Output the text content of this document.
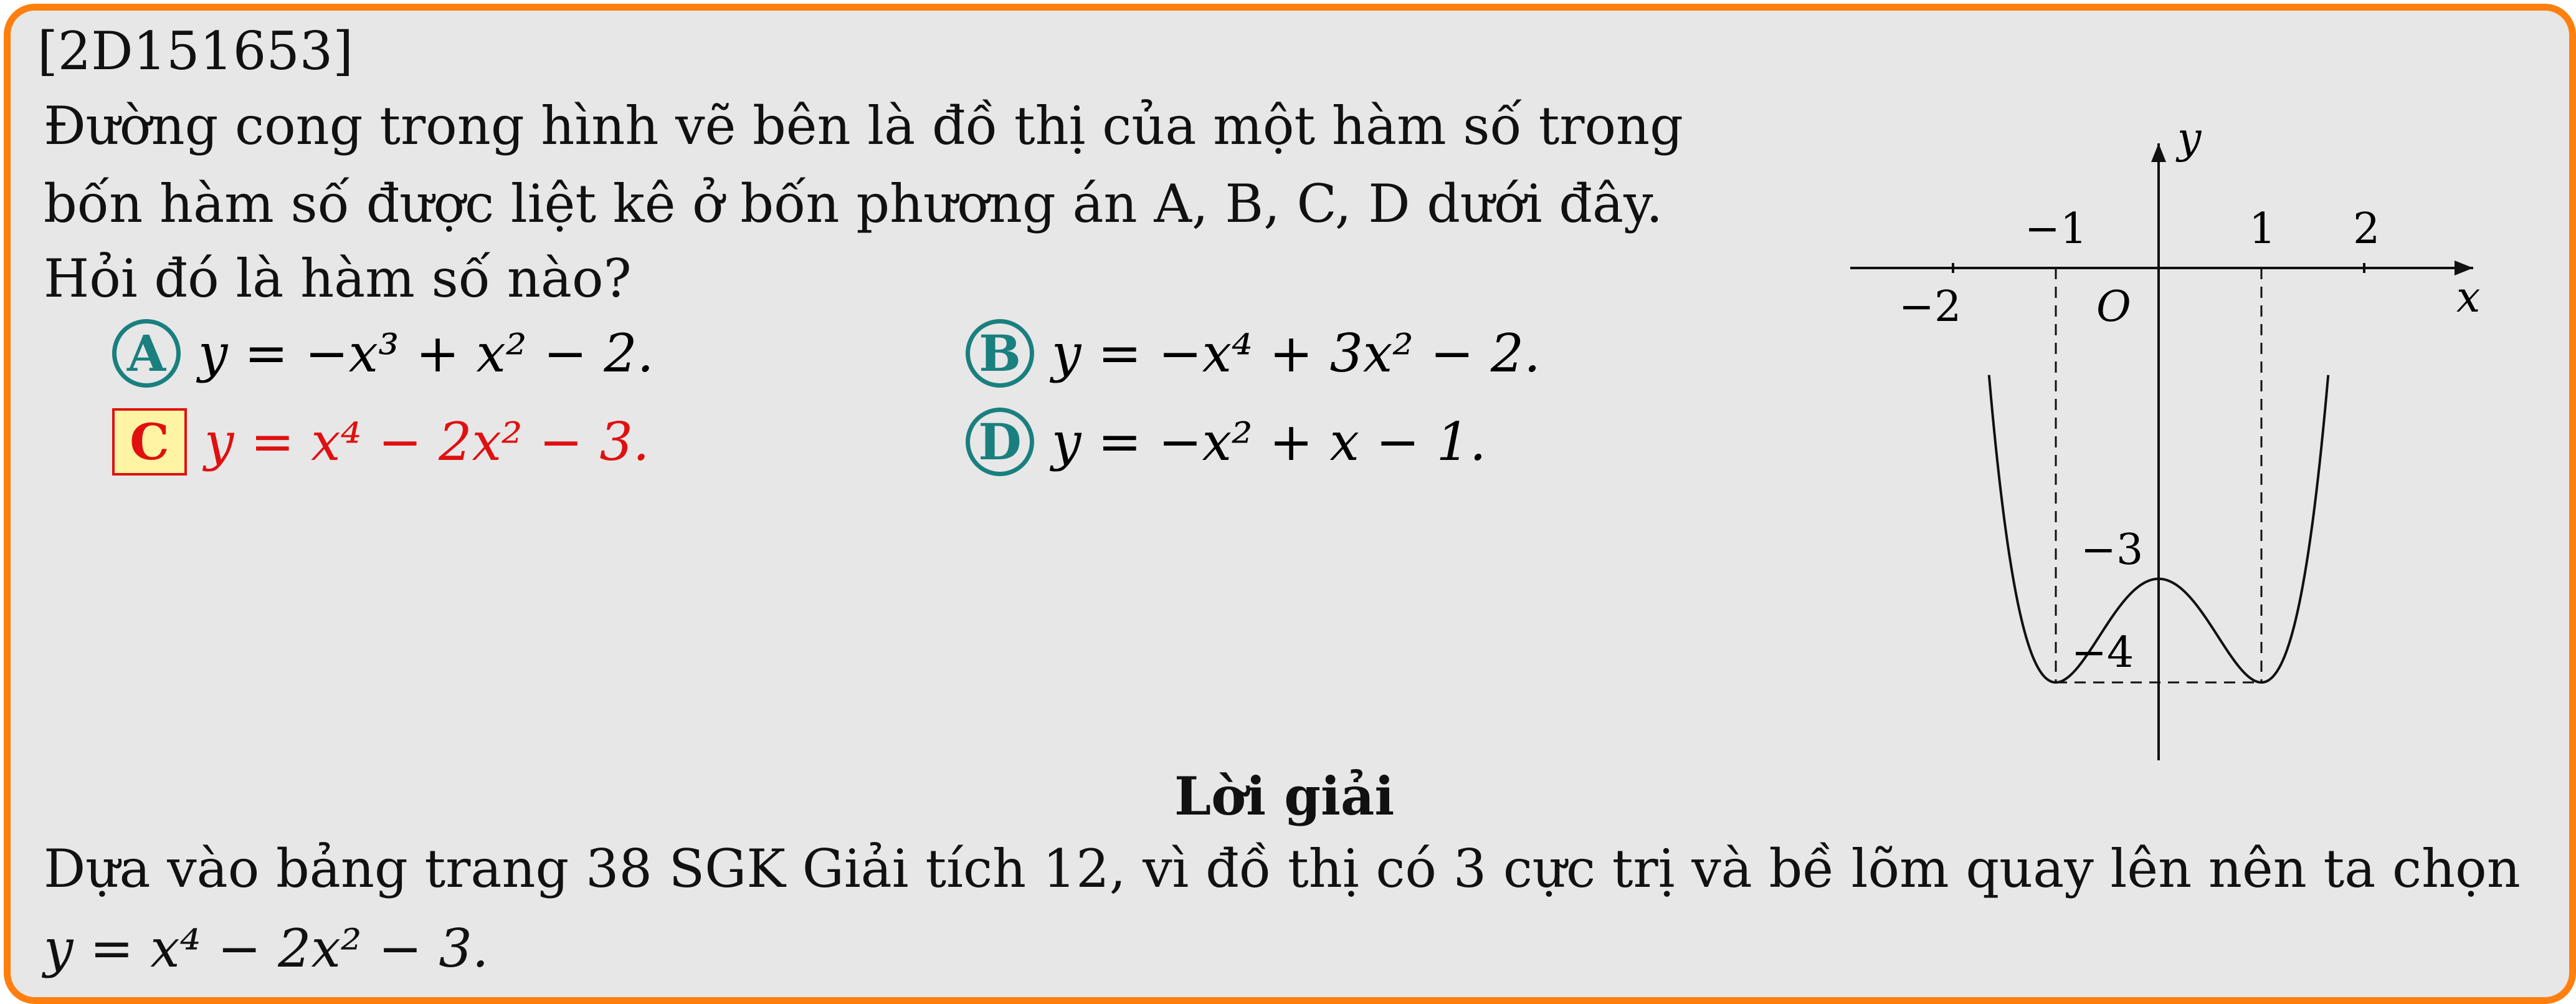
[2D151653]
Đường cong trong hình vẽ bên là đồ thị của một hàm số trong
bốn hàm số được liệt kê ở bốn phương án A, B, C, D dưới đây.
Hỏi đó là hàm số nào?
A y = −x³ + x² − 2.	B y = −x⁴ + 3x² − 2.
C y = x⁴ − 2x² − 3.	D y = −x² + x − 1.
−2
−1	1 2
−3
−4
O	x
y
Lời giải
Dựa vào bảng trang 38 SGK Giải tích 12, vì đồ thị có 3 cực trị và bề lõm quay lên nên ta chọn
y = x⁴ − 2x² − 3.
